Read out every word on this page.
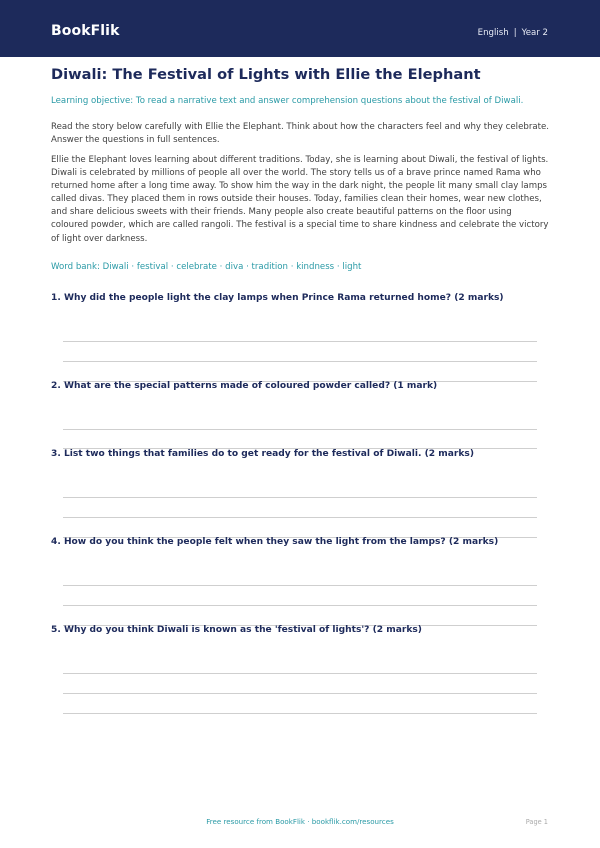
BookFlik	English | Year 2
Diwali: The Festival of Lights with Ellie the Elephant

Learning objective: To read a narrative text and answer comprehension questions about the festival of Diwali.

Read the story below carefully with Ellie the Elephant. Think about how the characters feel and why they celebrate. Answer the questions in full sentences.

Ellie the Elephant loves learning about different traditions. Today, she is learning about Diwali, the festival of lights. Diwali is celebrated by millions of people all over the world. The story tells us of a brave prince named Rama who returned home after a long time away. To show him the way in the dark night, the people lit many small clay lamps called divas. They placed them in rows outside their houses. Today, families clean their homes, wear new clothes, and share delicious sweets with their friends. Many people also create beautiful patterns on the floor using coloured powder, which are called rangoli. The festival is a special time to share kindness and celebrate the victory of light over darkness.

Word bank: Diwali · festival · celebrate · diva · tradition · kindness · light

1. Why did the people light the clay lamps when Prince Rama returned home? (2 marks)

2. What are the special patterns made of coloured powder called? (1 mark)

3. List two things that families do to get ready for the festival of Diwali. (2 marks)

4. How do you think the people felt when they saw the light from the lamps? (2 marks)

5. Why do you think Diwali is known as the 'festival of lights'? (2 marks)

Free resource from BookFlik · bookflik.com/resources	Page 1
